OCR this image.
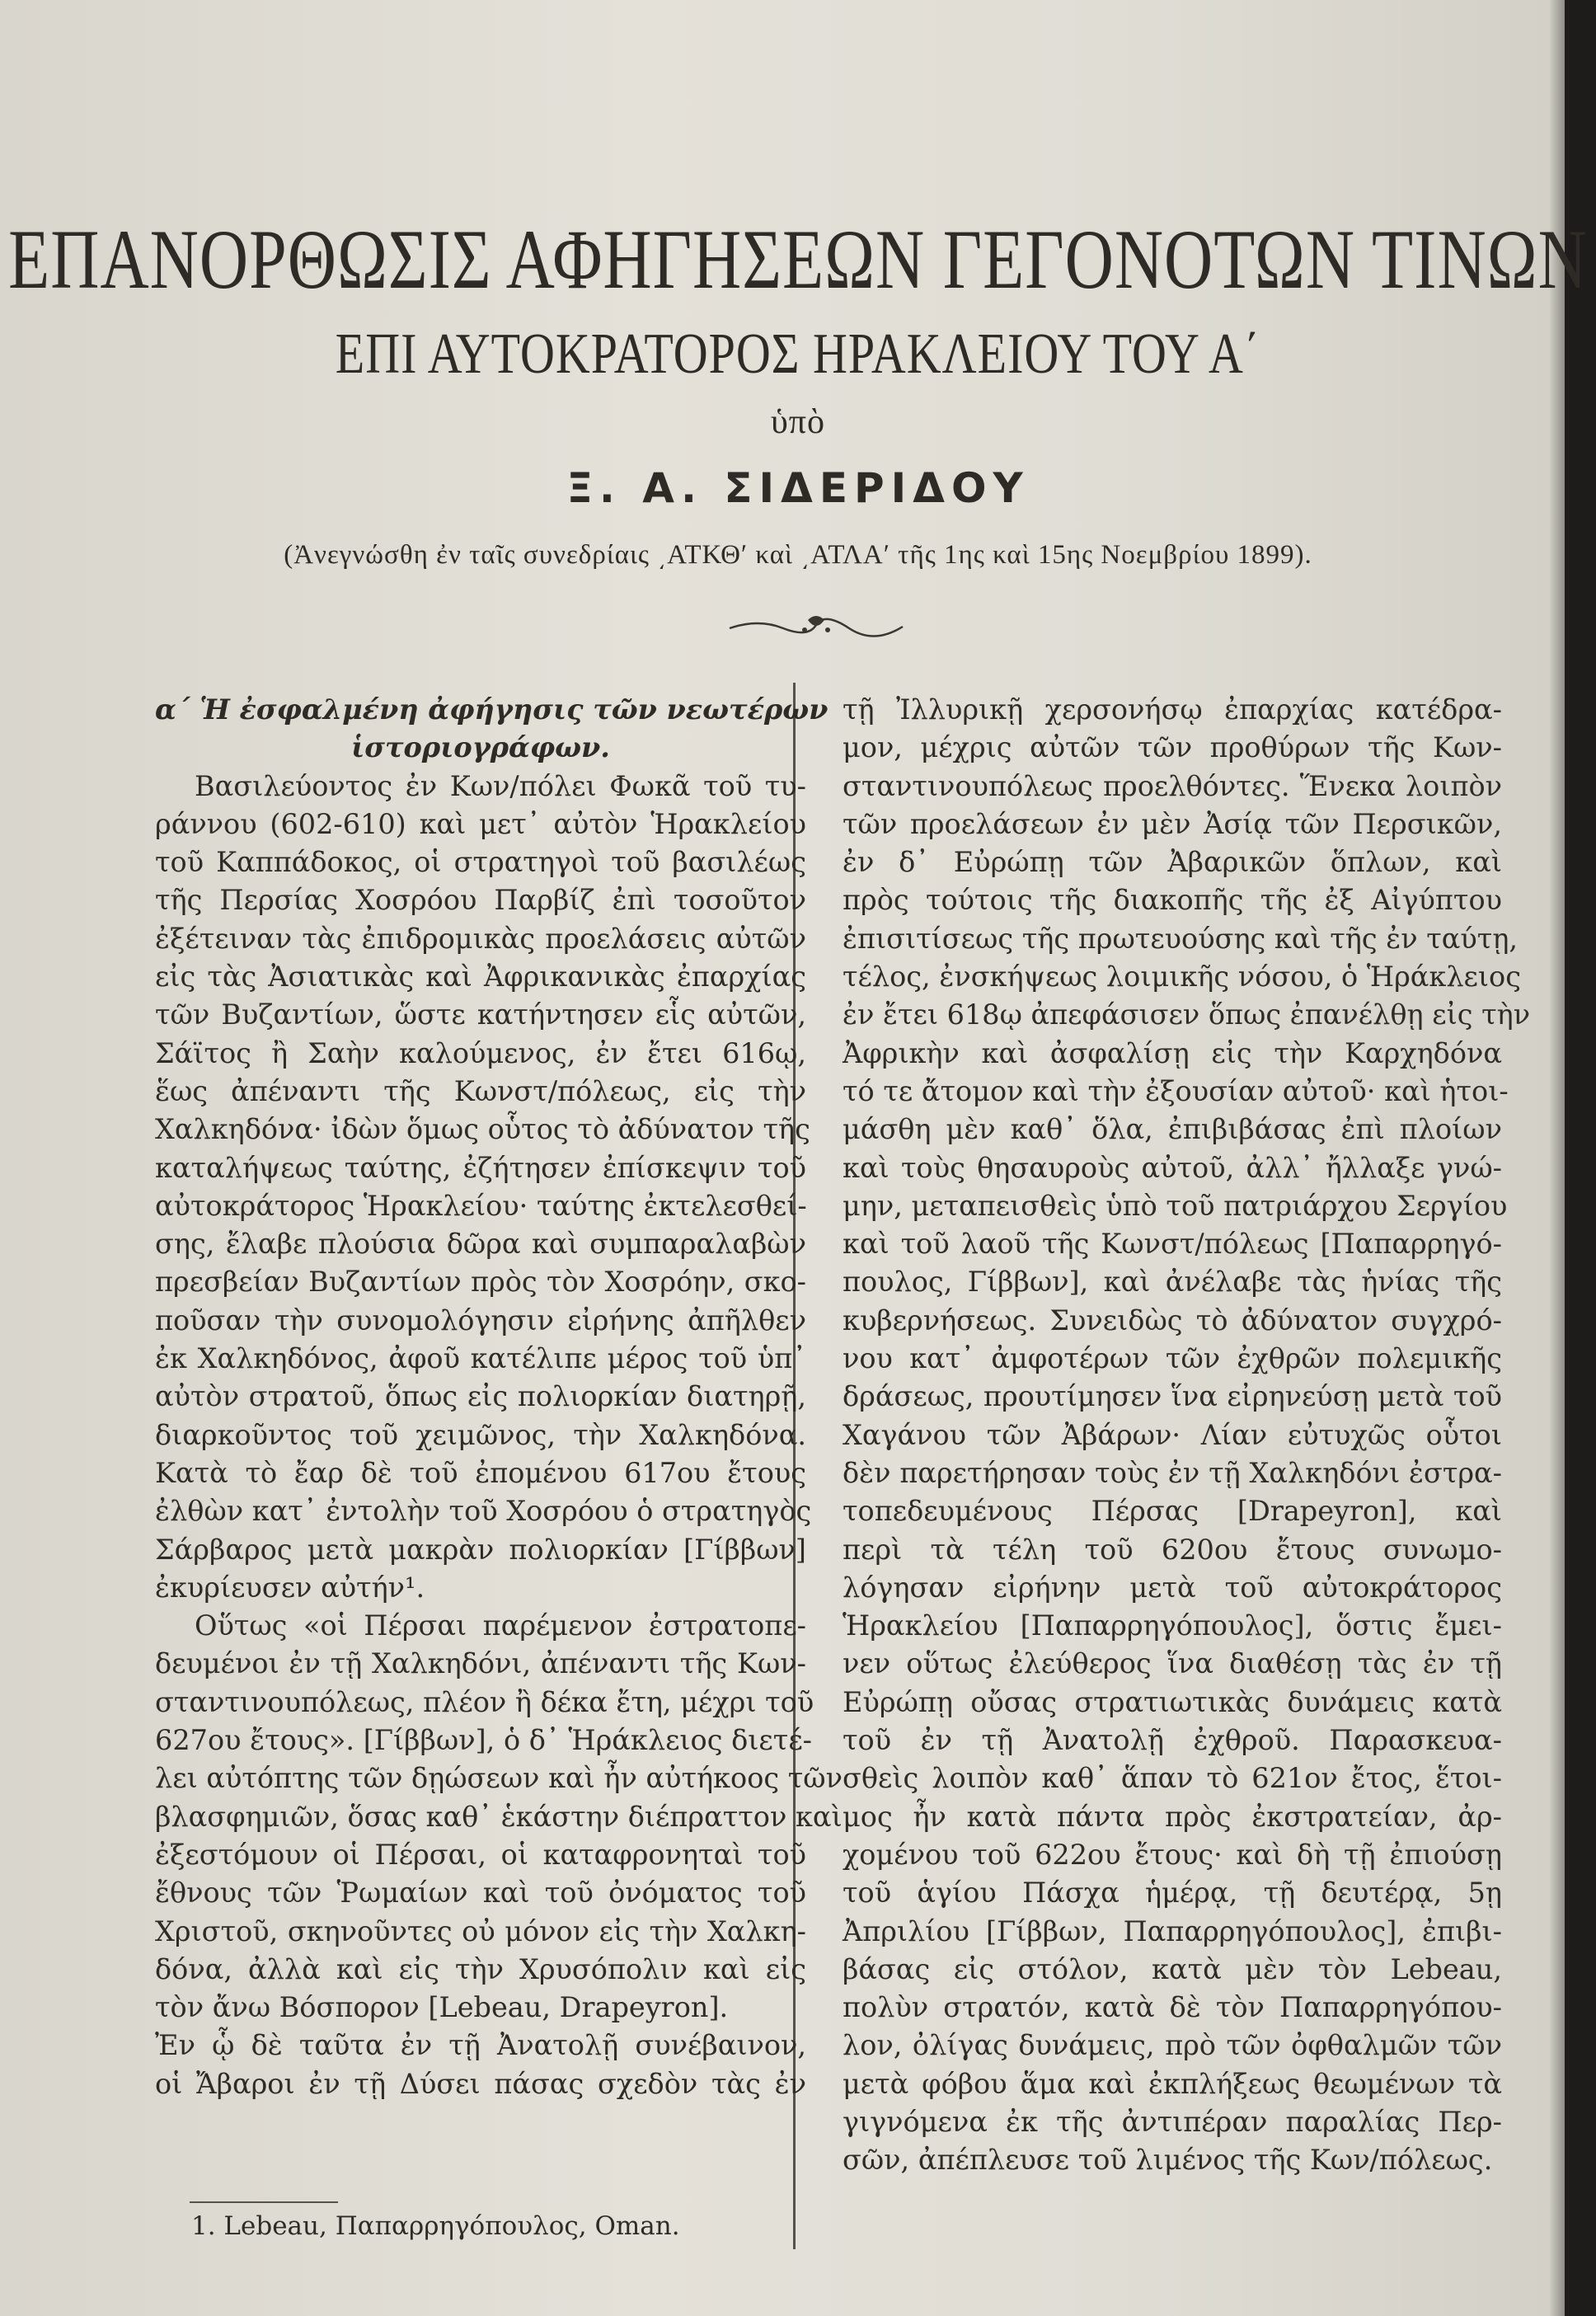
ΕΠΑΝΟΡΘΩΣΙΣ ΑΦΗΓΗΣΕΩΝ ΓΕΓΟΝΟΤΩΝ ΤΙΝΩΝ
ΕΠΙ ΑΥΤΟΚΡΑΤΟΡΟΣ ΗΡΑΚΛΕΙΟΥ ΤΟΥ Α΄
ὑπὸ
Ξ. Α. ΣΙΔΕΡΙΔΟΥ
(Ἀνεγνώσθη ἐν ταῖς συνεδρίαις ͵ΑΤΚΘʹ καὶ ͵ΑΤΛΑʹ τῆς 1ης καὶ 15ης Νοεμβρίου 1899).
α΄ Ἡ ἐσφαλμένη ἀφήγησις τῶν νεωτέρων
ἱστοριογράφων.
Βασιλεύοντος ἐν Κων/πόλει Φωκᾶ τοῦ τυ-
ράννου (602-610) καὶ μετ᾽ αὐτὸν Ἡρακλείου
τοῦ Καππάδοκος, οἱ στρατηγοὶ τοῦ βασιλέως
τῆς Περσίας Χοσρόου Παρβίζ ἐπὶ τοσοῦτον
ἐξέτειναν τὰς ἐπιδρομικὰς προελάσεις αὐτῶν
εἰς τὰς Ἀσιατικὰς καὶ Ἀφρικανικὰς ἐπαρχίας
τῶν Βυζαντίων, ὥστε κατήντησεν εἷς αὐτῶν,
Σάϊτος ἢ Σαὴν καλούμενος, ἐν ἔτει 616ῳ,
ἕως ἀπέναντι τῆς Κωνστ/πόλεως, εἰς τὴν
Χαλκηδόνα· ἰδὼν ὅμως οὗτος τὸ ἀδύνατον τῆς
καταλήψεως ταύτης, ἐζήτησεν ἐπίσκεψιν τοῦ
αὐτοκράτορος Ἡρακλείου· ταύτης ἐκτελεσθεί-
σης, ἔλαβε πλούσια δῶρα καὶ συμπαραλαβὼν
πρεσβείαν Βυζαντίων πρὸς τὸν Χοσρόην, σκο-
ποῦσαν τὴν συνομολόγησιν εἰρήνης ἀπῆλθεν
ἐκ Χαλκηδόνος, ἀφοῦ κατέλιπε μέρος τοῦ ὑπ᾽
αὐτὸν στρατοῦ, ὅπως εἰς πολιορκίαν διατηρῇ,
διαρκοῦντος τοῦ χειμῶνος, τὴν Χαλκηδόνα.
Κατὰ τὸ ἔαρ δὲ τοῦ ἐπομένου 617ου ἔτους
ἐλθὼν κατ᾽ ἐντολὴν τοῦ Χοσρόου ὁ στρατηγὸς
Σάρβαρος μετὰ μακρὰν πολιορκίαν [Γίββων]
ἐκυρίευσεν αὐτήν¹.
Οὕτως «οἱ Πέρσαι παρέμενον ἐστρατοπε-
δευμένοι ἐν τῇ Χαλκηδόνι, ἀπέναντι τῆς Κων-
σταντινουπόλεως, πλέον ἢ δέκα ἔτη, μέχρι τοῦ
627ου ἔτους». [Γίββων], ὁ δ᾽ Ἡράκλειος διετέ-
λει αὐτόπτης τῶν δῃώσεων καὶ ἦν αὐτήκοος τῶν
βλασφημιῶν, ὅσας καθ᾽ ἑκάστην διέπραττον καὶ
ἐξεστόμουν οἱ Πέρσαι, οἱ καταφρονηταὶ τοῦ
ἔθνους τῶν Ῥωμαίων καὶ τοῦ ὀνόματος τοῦ
Χριστοῦ, σκηνοῦντες οὐ μόνον εἰς τὴν Χαλκη-
δόνα, ἀλλὰ καὶ εἰς τὴν Χρυσόπολιν καὶ εἰς
τὸν ἄνω Βόσπορον [Lebeau, Drapeyron].
Ἐν ᾧ δὲ ταῦτα ἐν τῇ Ἀνατολῇ συνέβαινον,
οἱ Ἄβαροι ἐν τῇ Δύσει πάσας σχεδὸν τὰς ἐν
τῇ Ἰλλυρικῇ χερσονήσῳ ἐπαρχίας κατέδρα-
μον, μέχρις αὐτῶν τῶν προθύρων τῆς Κων-
σταντινουπόλεως προελθόντες. Ἕνεκα λοιπὸν
τῶν προελάσεων ἐν μὲν Ἀσίᾳ τῶν Περσικῶν,
ἐν δ᾽ Εὐρώπῃ τῶν Ἀβαρικῶν ὅπλων, καὶ
πρὸς τούτοις τῆς διακοπῆς τῆς ἐξ Αἰγύπτου
ἐπισιτίσεως τῆς πρωτευούσης καὶ τῆς ἐν ταύτῃ,
τέλος, ἐνσκήψεως λοιμικῆς νόσου, ὁ Ἡράκλειος
ἐν ἔτει 618ῳ ἀπεφάσισεν ὅπως ἐπανέλθῃ εἰς τὴν
Ἀφρικὴν καὶ ἀσφαλίσῃ εἰς τὴν Καρχηδόνα
τό τε ἄτομον καὶ τὴν ἐξουσίαν αὐτοῦ· καὶ ἡτοι-
μάσθη μὲν καθ᾽ ὅλα, ἐπιβιβάσας ἐπὶ πλοίων
καὶ τοὺς θησαυροὺς αὐτοῦ, ἀλλ᾽ ἤλλαξε γνώ-
μην, μεταπεισθεὶς ὑπὸ τοῦ πατριάρχου Σεργίου
καὶ τοῦ λαοῦ τῆς Κωνστ/πόλεως [Παπαρρηγό-
πουλος, Γίββων], καὶ ἀνέλαβε τὰς ἡνίας τῆς
κυβερνήσεως. Συνειδὼς τὸ ἀδύνατον συγχρό-
νου κατ᾽ ἀμφοτέρων τῶν ἐχθρῶν πολεμικῆς
δράσεως, προυτίμησεν ἵνα εἰρηνεύσῃ μετὰ τοῦ
Χαγάνου τῶν Ἀβάρων· Λίαν εὐτυχῶς οὗτοι
δὲν παρετήρησαν τοὺς ἐν τῇ Χαλκηδόνι ἐστρα-
τοπεδευμένους Πέρσας [Drapeyron], καὶ
περὶ τὰ τέλη τοῦ 620ου ἔτους συνωμο-
λόγησαν εἰρήνην μετὰ τοῦ αὐτοκράτορος
Ἡρακλείου [Παπαρρηγόπουλος], ὅστις ἔμει-
νεν οὕτως ἐλεύθερος ἵνα διαθέσῃ τὰς ἐν τῇ
Εὐρώπῃ οὔσας στρατιωτικὰς δυνάμεις κατὰ
τοῦ ἐν τῇ Ἀνατολῇ ἐχθροῦ. Παρασκευα-
σθεὶς λοιπὸν καθ᾽ ἅπαν τὸ 621ον ἔτος, ἕτοι-
μος ἦν κατὰ πάντα πρὸς ἐκστρατείαν, ἀρ-
χομένου τοῦ 622ου ἔτους· καὶ δὴ τῇ ἐπιούσῃ
τοῦ ἁγίου Πάσχα ἡμέρᾳ, τῇ δευτέρᾳ, 5ῃ
Ἀπριλίου [Γίββων, Παπαρρηγόπουλος], ἐπιβι-
βάσας εἰς στόλον, κατὰ μὲν τὸν Lebeau,
πολὺν στρατόν, κατὰ δὲ τὸν Παπαρρηγόπου-
λον, ὀλίγας δυνάμεις, πρὸ τῶν ὀφθαλμῶν τῶν
μετὰ φόβου ἅμα καὶ ἐκπλήξεως θεωμένων τὰ
γιγνόμενα ἐκ τῆς ἀντιπέραν παραλίας Περ-
σῶν, ἀπέπλευσε τοῦ λιμένος τῆς Κων/πόλεως.
1. Lebeau, Παπαρρηγόπουλος, Oman.
